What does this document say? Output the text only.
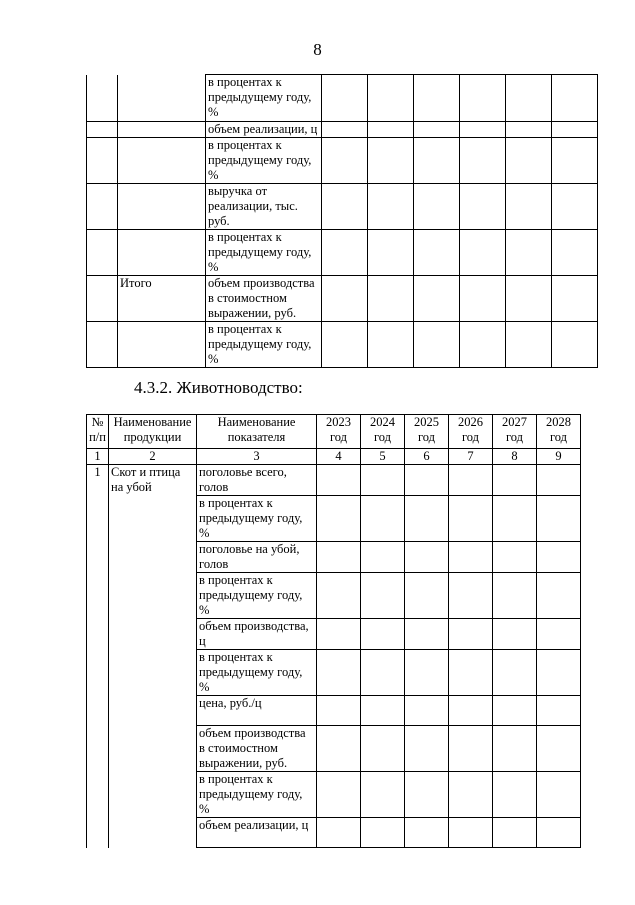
8
		в процентах к предыдущему году, %						
		объем реализации, ц						
		в процентах к предыдущему году, %						
		выручка от реализации, тыс. руб.						
		в процентах к предыдущему году, %						
	Итого	объем производства в стоимостном выражении, руб.						
		в процентах к предыдущему году, %						
4.3.2. Животноводство:
№ п/п	Наименование продукции	Наименование показателя	2023 год	2024 год	2025 год	2026 год	2027 год	2028 год
1	2	3	4	5	6	7	8	9
1	Скот и птица на убой	поголовье всего, голов						
		в процентах к предыдущему году, %						
		поголовье на убой, голов						
		в процентах к предыдущему году, %						
		объем производства, ц						
		в процентах к предыдущему году, %						
		цена, руб./ц						
		объем производства в стоимостном выражении, руб.						
		в процентах к предыдущему году, %						
		объем реализации, ц						
